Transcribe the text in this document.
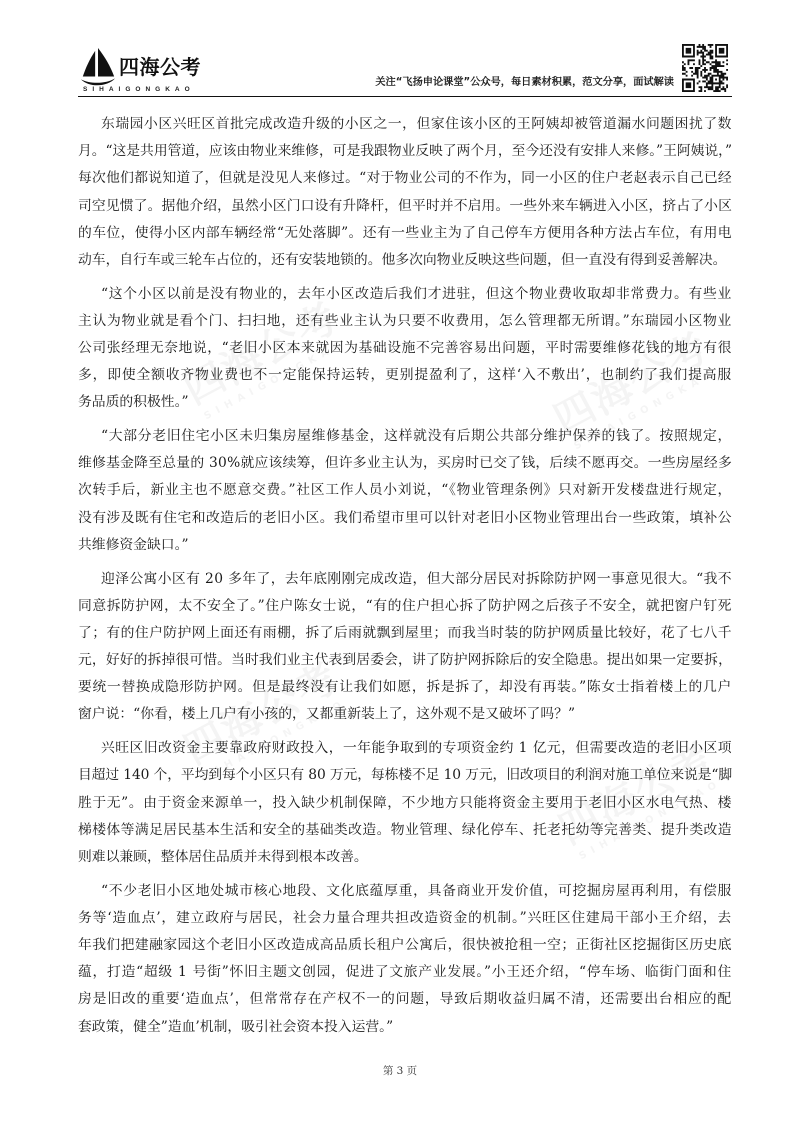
四海公考
SIHAIGONGKAO
关注“飞扬申论课堂”公众号，每日素材积累，范文分享，面试解读
东瑞园小区兴旺区首批完成改造升级的小区之一，但家住该小区的王阿姨却被管道漏水问题困扰了数
月。“这是共用管道，应该由物业来维修，可是我跟物业反映了两个月，至今还没有安排人来修。”王阿姨说，”
每次他们都说知道了，但就是没见人来修过。“对于物业公司的不作为，同一小区的住户老赵表示自己已经
司空见惯了。据他介绍，虽然小区门口设有升降杆，但平时并不启用。一些外来车辆进入小区，挤占了小区
的车位，使得小区内部车辆经常“无处落脚”。还有一些业主为了自己停车方便用各种方法占车位，有用电
动车，自行车或三轮车占位的，还有安装地锁的。他多次向物业反映这些问题，但一直没有得到妥善解决。
“这个小区以前是没有物业的，去年小区改造后我们才进驻，但这个物业费收取却非常费力。有些业
主认为物业就是看个门、扫扫地，还有些业主认为只要不收费用，怎么管理都无所谓。”东瑞园小区物业
公司张经理无奈地说，“老旧小区本来就因为基础设施不完善容易出问题，平时需要维修花钱的地方有很
多，即使全额收齐物业费也不一定能保持运转，更别提盈利了，这样‘入不敷出’，也制约了我们提高服
务品质的积极性。”
“大部分老旧住宅小区未归集房屋维修基金，这样就没有后期公共部分维护保养的钱了。按照规定，
维修基金降至总量的 30%就应该续筹，但许多业主认为，买房时已交了钱，后续不愿再交。一些房屋经多
次转手后，新业主也不愿意交费。”社区工作人员小刘说，“《物业管理条例》只对新开发楼盘进行规定，
没有涉及既有住宅和改造后的老旧小区。我们希望市里可以针对老旧小区物业管理出台一些政策，填补公
共维修资金缺口。”
迎泽公寓小区有 20 多年了，去年底刚刚完成改造，但大部分居民对拆除防护网一事意见很大。“我不
同意拆防护网，太不安全了。”住户陈女士说，“有的住户担心拆了防护网之后孩子不安全，就把窗户钉死
了；有的住户防护网上面还有雨棚，拆了后雨就飘到屋里；而我当时装的防护网质量比较好，花了七八千
元，好好的拆掉很可惜。当时我们业主代表到居委会，讲了防护网拆除后的安全隐患。提出如果一定要拆，
要统一替换成隐形防护网。但是最终没有让我们如愿，拆是拆了，却没有再装。”陈女士指着楼上的几户
窗户说：“你看，楼上几户有小孩的，又都重新装上了，这外观不是又破坏了吗？”
兴旺区旧改资金主要靠政府财政投入，一年能争取到的专项资金约 1 亿元，但需要改造的老旧小区项
目超过 140 个，平均到每个小区只有 80 万元，每栋楼不足 10 万元，旧改项目的利润对施工单位来说是“脚
胜于无”。由于资金来源单一，投入缺少机制保障，不少地方只能将资金主要用于老旧小区水电气热、楼
梯楼体等满足居民基本生活和安全的基础类改造。物业管理、绿化停车、托老托幼等完善类、提升类改造
则难以兼顾，整体居住品质并未得到根本改善。
“不少老旧小区地处城市核心地段、文化底蕴厚重，具备商业开发价值，可挖掘房屋再利用，有偿服
务等‘造血点’，建立政府与居民，社会力量合理共担改造资金的机制。”兴旺区住建局干部小王介绍，去
年我们把建融家园这个老旧小区改造成高品质长租户公寓后，很快被抢租一空；正街社区挖掘街区历史底
蕴，打造“超级 1 号街”怀旧主题文创园，促进了文旅产业发展。”小王还介绍，“停车场、临街门面和住
房是旧改的重要‘造血点’，但常常存在产权不一的问题，导致后期收益归属不清，还需要出台相应的配
套政策，健全”造血’机制，吸引社会资本投入运营。”
第 3 页
